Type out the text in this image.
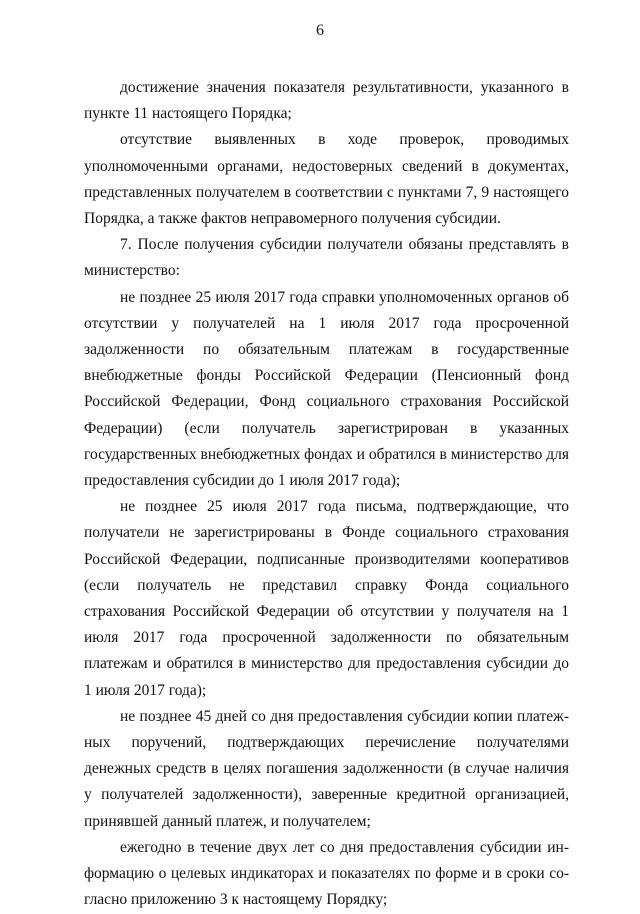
6

достижение значения показателя результативности, указанного в пункте 11 настоящего Порядка;

отсутствие выявленных в ходе проверок, проводимых уполномоченными органами, недостоверных сведений в документах, представленных получателем в соответствии с пунктами 7, 9 настоящего Порядка, а также фактов неправомерного получения субсидии.

7. После получения субсидии получатели обязаны представлять в министерство:

не позднее 25 июля 2017 года справки уполномоченных органов об отсутствии у получателей на 1 июля 2017 года просроченной задолженности по обязательным платежам в государственные внебюджетные фонды Российской Федерации (Пенсионный фонд Российской Федерации, Фонд социального страхования Российской Федерации) (если получатель зарегистрирован в указанных государственных внебюджетных фондах и обратился в министерство для предоставления субсидии до 1 июля 2017 года);

не позднее 25 июля 2017 года письма, подтверждающие, что получатели не зарегистрированы в Фонде социального страхования Российской Федерации, подписанные производителями кооперативов (если получатель не представил справку Фонда социального страхования Российской Федерации об отсутствии у получателя на 1 июля 2017 года просроченной задолженности по обязательным платежам и обратился в министерство для предоставления субсидии до 1 июля 2017 года);

не позднее 45 дней со дня предоставления субсидии копии платежных поручений, подтверждающих перечисление получателями денежных средств в целях погашения задолженности (в случае наличия у получателей задолженности), заверенные кредитной организацией, принявшей данный платеж, и получателем;

ежегодно в течение двух лет со дня предоставления субсидии информацию о целевых индикаторах и показателях по форме и в сроки согласно приложению 3 к настоящему Порядку;
